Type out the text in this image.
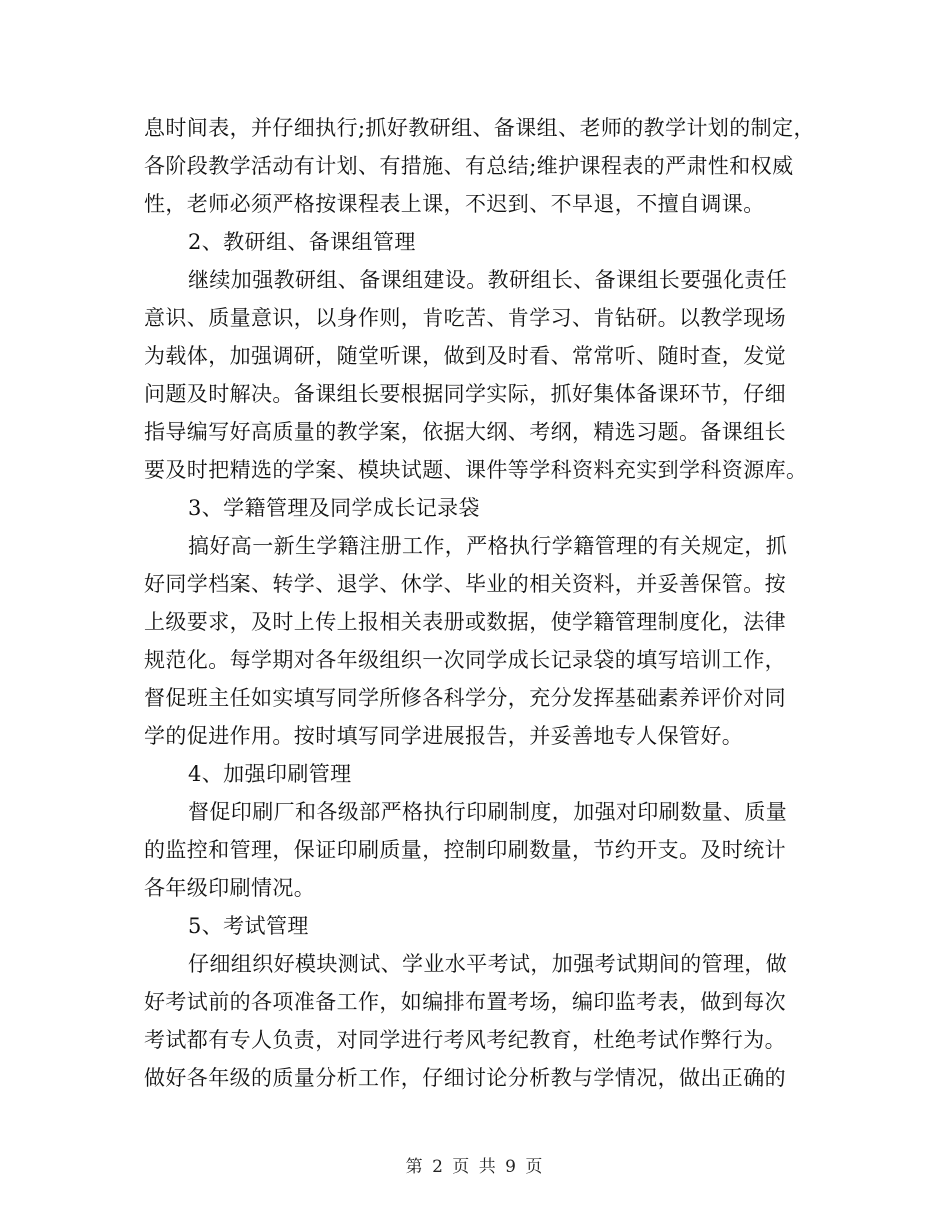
息时间表，并仔细执行;抓好教研组、备课组、老师的教学计划的制定，
各阶段教学活动有计划、有措施、有总结;维护课程表的严肃性和权威
性，老师必须严格按课程表上课，不迟到、不早退，不擅自调课。
2、教研组、备课组管理
继续加强教研组、备课组建设。教研组长、备课组长要强化责任
意识、质量意识，以身作则，肯吃苦、肯学习、肯钻研。以教学现场
为载体，加强调研，随堂听课，做到及时看、常常听、随时查，发觉
问题及时解决。备课组长要根据同学实际，抓好集体备课环节，仔细
指导编写好高质量的教学案，依据大纲、考纲，精选习题。备课组长
要及时把精选的学案、模块试题、课件等学科资料充实到学科资源库。
3、学籍管理及同学成长记录袋
搞好高一新生学籍注册工作，严格执行学籍管理的有关规定，抓
好同学档案、转学、退学、休学、毕业的相关资料，并妥善保管。按
上级要求，及时上传上报相关表册或数据，使学籍管理制度化，法律
规范化。每学期对各年级组织一次同学成长记录袋的填写培训工作，
督促班主任如实填写同学所修各科学分，充分发挥基础素养评价对同
学的促进作用。按时填写同学进展报告，并妥善地专人保管好。
4、加强印刷管理
督促印刷厂和各级部严格执行印刷制度，加强对印刷数量、质量
的监控和管理，保证印刷质量，控制印刷数量，节约开支。及时统计
各年级印刷情况。
5、考试管理
仔细组织好模块测试、学业水平考试，加强考试期间的管理，做
好考试前的各项准备工作，如编排布置考场，编印监考表，做到每次
考试都有专人负责，对同学进行考风考纪教育，杜绝考试作弊行为。
做好各年级的质量分析工作，仔细讨论分析教与学情况，做出正确的
第 2 页 共 9 页
